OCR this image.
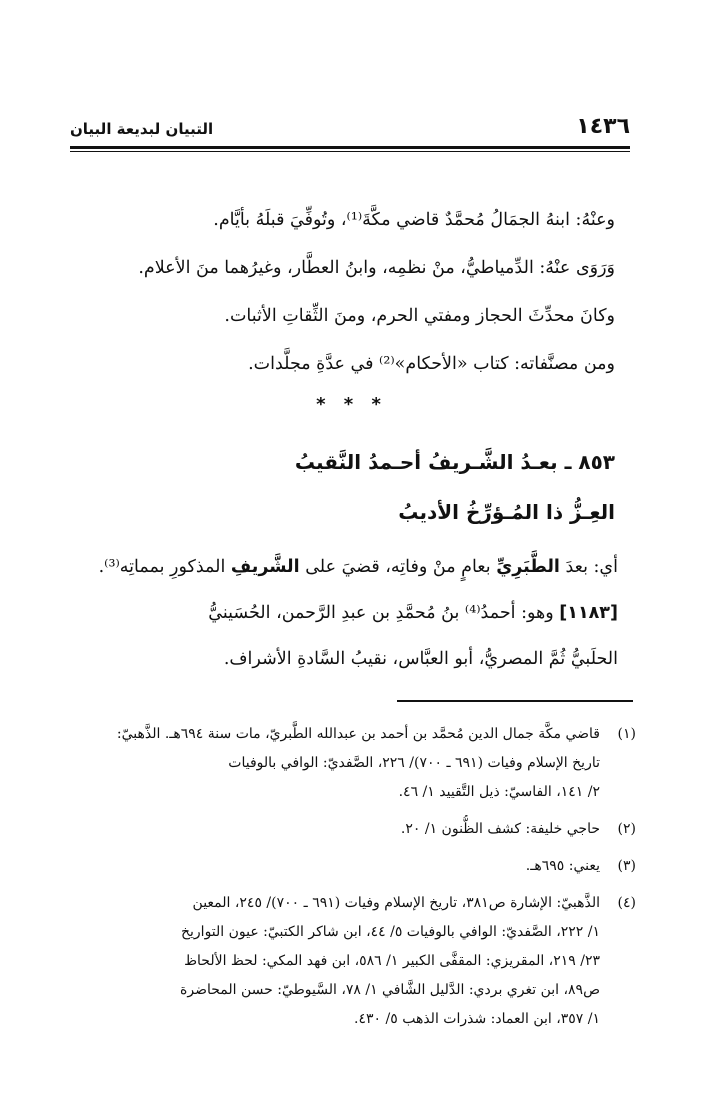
التبيان لبديعة البيان	١٤٣٦
وعنْهُ: ابنهُ الجمَالُ مُحمَّدٌ قاضي مكَّةَ⁽¹⁾، وتُوفِّيَ قبلَهُ بأيَّام.
وَرَوَى عنْهُ: الدِّمياطيُّ، منْ نظمِه، وابنُ العطَّار، وغيرُهما منَ الأعلام.
وكانَ محدِّثَ الحجاز ومفتي الحرم، ومنَ الثِّقاتِ الأثبات.
ومن مصنَّفاته: كتاب «الأحكام»⁽²⁾ في عدَّةِ مجلَّدات.
* * *
٨٥٣ ـ بعـدُ الشَّـريفُ أحـمدُ النَّقيبُ
العِـزُّ ذا المُـؤرِّخُ الأديبُ
أي: بعدَ الطَّبَرِيِّ بعامٍ منْ وفاتِه، قضيَ على الشَّريفِ المذكورِ بمماتِه⁽³⁾.
[١١٨٣] وهو: أحمدُ⁽⁴⁾ بنُ مُحمَّدِ بن عبدِ الرَّحمن، الحُسَينيُّ
الحلَبيُّ ثُمَّ المصريُّ، أبو العبَّاس، نقيبُ السَّادةِ الأشراف.
(١)
قاضي مكَّة جمال الدين مُحمَّد بن أحمد بن عبدالله الطَّبريّ، مات سنة ٦٩٤هـ. الذَّهبيّ:
تاريخ الإسلام وفيات (٦٩١ ـ ٧٠٠)/ ٢٢٦، الصَّفديّ: الوافي بالوفيات
٢/ ١٤١، الفاسيّ: ذيل التَّقييد ١/ ٤٦.
(٢)
حاجي خليفة: كشف الظُّنون ١/ ٢٠.
(٣)
يعني: ٦٩٥هـ.
(٤)
الذَّهبيّ: الإشارة ص٣٨١، تاريخ الإسلام وفيات (٦٩١ ـ ٧٠٠)/ ٢٤٥، المعين
١/ ٢٢٢، الصَّفديّ: الوافي بالوفيات ٥/ ٤٤، ابن شاكر الكتبيّ: عيون التواريخ
٢٣/ ٢١٩، المقريزي: المقفَّى الكبير ١/ ٥٨٦، ابن فهد المكي: لحظ الألحاظ
ص٨٩، ابن تغري بردي: الدَّليل الشَّافي ١/ ٧٨، السَّيوطيّ: حسن المحاضرة
١/ ٣٥٧، ابن العماد: شذرات الذهب ٥/ ٤٣٠.
